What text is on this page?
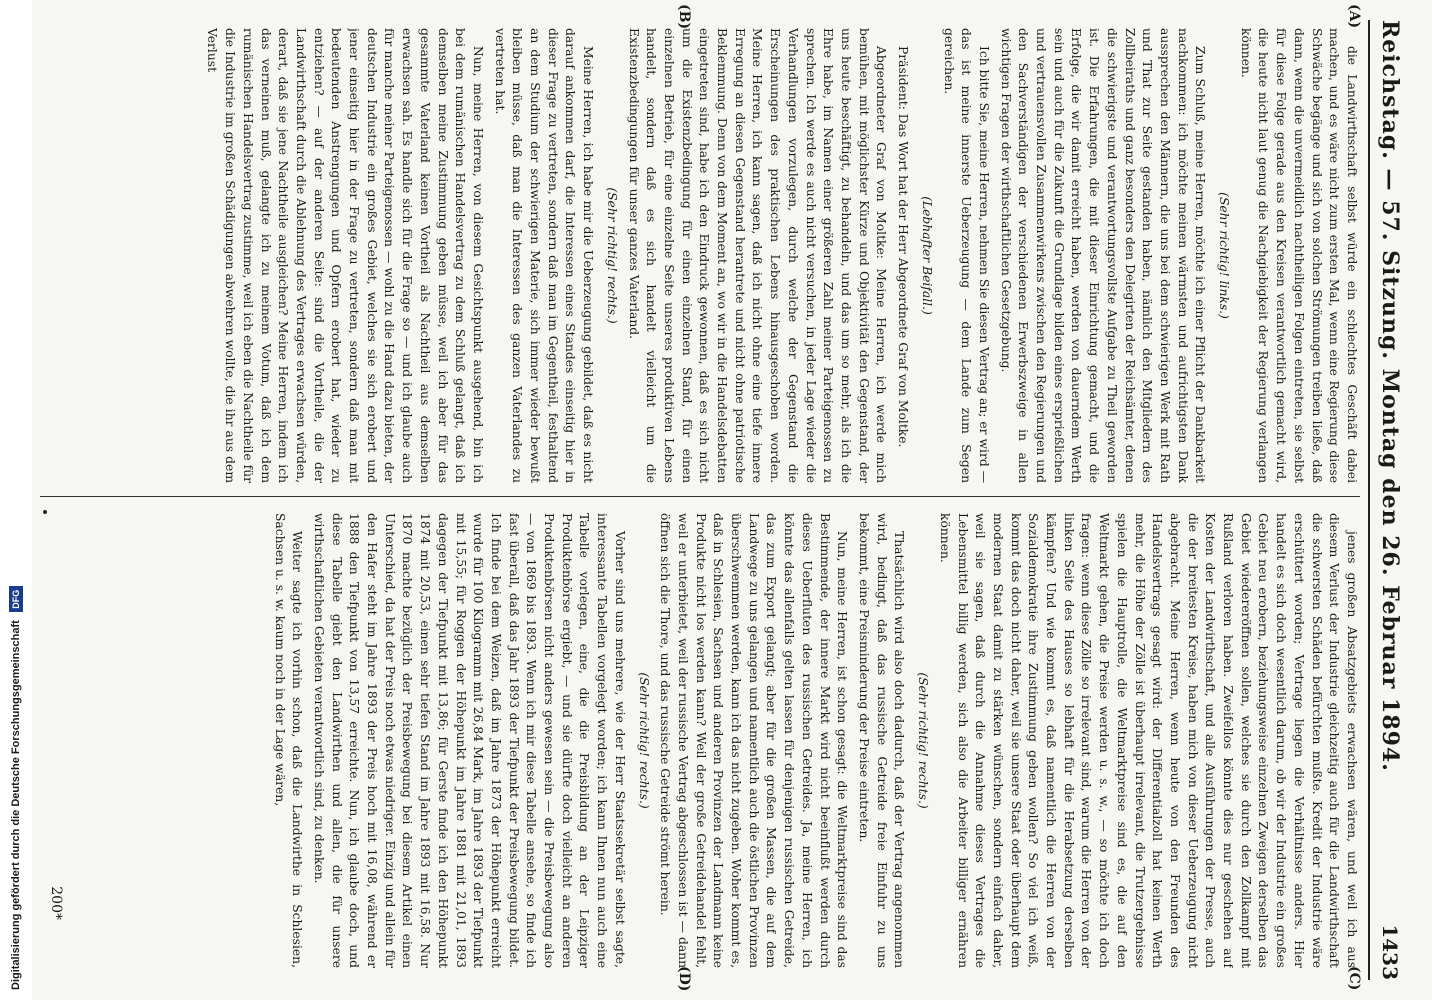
Reichstag. — 57. Sitzung. Montag den 26. Februar 1894.
1433
(A)
(B)
(C)
(D)

die Landwirthschaft selbst würde ein schlechtes Geschäft dabei machen, und es wäre nicht zum ersten Mal, wenn eine Regierung diese Schwäche begänge und sich von solchen Strömungen treiben ließe, daß dann, wenn die unvermeidlich nachtheiligen Folgen eintreten, sie selbst für diese Folge gerade aus den Kreisen verantwortlich gemacht wird, die heute nicht laut genug die Nachgiebigkeit der Regierung verlangen können.

(Sehr richtig! links.)

Zum Schluß, meine Herren, möchte ich einer Pflicht der Dankbarkeit nachkommen: ich möchte meinen wärmsten und aufrichtigsten Dank aussprechen den Männern, die uns bei dem schwierigen Werk mit Rath und That zur Seite gestanden haben, nämlich den Mitgliedern des Zollbeiraths und ganz besonders den Delegirten der Reichsämter, denen die schwierigste und verantwortungsvollste Aufgabe zu Theil geworden ist. Die Erfahrungen, die mit dieser Einrichtung gemacht, und die Erfolge, die wir damit erreicht haben, werden von dauerndem Werth sein und auch für die Zukunft die Grundlage bilden eines ersprießlichen und vertrauensvollen Zusammenwirkens zwischen den Regierungen und den Sachverständigen der verschiedenen Erwerbszweige in allen wichtigen Fragen der wirthschaftlichen Gesetzgebung.

Ich bitte Sie, meine Herren, nehmen Sie diesen Vertrag an; er wird — das ist meine innerste Ueberzeugung — dem Lande zum Segen gereichen.

(Lebhafter Beifall.)

Präsident: Das Wort hat der Herr Abgeordnete Graf von Moltke.

Abgeordneter Graf von Moltke: Meine Herren, ich werde mich bemühen, mit möglichster Kürze und Objektivität den Gegenstand, der uns heute beschäftigt, zu behandeln, und das um so mehr, als ich die Ehre habe, im Namen einer größeren Zahl meiner Parteigenossen zu sprechen. Ich werde es auch nicht versuchen, in jeder Lage wieder die Verhandlungen vorzulegen, durch welche der Gegenstand die Erscheinungen des praktischen Lebens hinausgeschoben worden. Meine Herren, ich kann sagen, daß ich nicht ohne eine tiefe innere Erregung an diesen Gegenstand herantrete und nicht ohne patriotische Beklemmung. Denn von dem Moment an, wo wir in die Handelsdebatten eingetreten sind, habe ich den Eindruck gewonnen, daß es sich nicht um die Existenzbedingung für einen einzelnen Stand, für einen einzelnen Betrieb, für eine einzelne Seite unseres produktiven Lebens handelt, sondern daß es sich handelt vielleicht um die Existenzbedingungen für unser ganzes Vaterland.

(Sehr richtig! rechts.)

Meine Herren, ich habe mir die Ueberzeugung gebildet, daß es nicht darauf ankommen darf, die Interessen eines Standes einseitig hier in dieser Frage zu vertreten, sondern daß man im Gegentheil, festhaltend an dem Studium der schwierigen Materie, sich immer wieder bewußt bleiben müsse, daß man die Interessen des ganzen Vaterlandes zu vertreten hat.

Nun, meine Herren, von diesem Gesichtspunkt ausgehend, bin ich bei dem rumänischen Handelsvertrag zu dem Schluß gelangt, daß ich demselben meine Zustimmung geben müsse, weil ich aber für das gesammte Vaterland keinen Vortheil als Nachtheil aus demselben erwachsen sah. Es handle sich für die Frage so — und ich glaube auch für manche meiner Parteigenossen — wohl zu die Hand dazu bieten, der deutschen Industrie ein großes Gebiet, welches sie sich erobert und jener einseitig hier in der Frage zu vertreten, sondern daß man mit bedeutenden Anstrengungen und Opfern erobert hat, wieder zu entziehen? — auf der anderen Seite: sind die Vortheile, die der Landwirthschaft durch die Ablehnung des Vertrages erwachsen würden, derart, daß sie jene Nachtheile ausgleichen? Meine Herren, indem ich das verneinen muß, gelangte ich zu meinem Votum, daß ich dem rumänischen Handelsvertrag zustimme, weil ich eben die Nachtheile für die Industrie im großen Schädigungen abwehren wollte, die ihr aus dem Verlust

jenes großen Absatzgebiets erwachsen wären, und weil ich aus diesem Verlust der Industrie gleichzeitig auch für die Landwirthschaft die schwersten Schäden befürchten mußte. Kredit der Industrie wäre erschüttert worden; Vertrage liegen die Verhältnisse anders. Hier handelt es sich doch wesentlich darum, ob wir der Industrie ein großes Gebiet neu erobern, beziehungsweise einzelnen Zweigen derselben das Gebiet wiedereröffnen sollen, welches sie durch den Zollkampf mit Rußland verloren haben. Zweifellos könnte dies nur geschehen auf Kosten der Landwirthschaft, und alle Ausführungen der Presse, auch die der breitesten Kreise, haben mich von dieser Ueberzeugung nicht abgebracht. Meine Herren, wenn heute von den Freunden des Handelsvertrags gesagt wird: der Differentialzoll hat keinen Werth mehr, die Höhe der Zölle ist überhaupt irrelevant, die Trutzergebnisse spielen die Hauptrolle, die Weltmarktpreise sind es, die auf den Weltmarkt gehen, die Preise werden u. s. w., — so möchte ich doch fragen: wenn diese Zölle so irrelevant sind, warum die Herren von der linken Seite des Hauses so lebhaft für die Herabsetzung derselben kämpfen? Und wie kommt es, daß namentlich die Herren von der Sozialdemokratie ihre Zustimmung geben wollen? So viel ich weiß, kommt das doch nicht daher, weil sie unsere Staat oder überhaupt dem modernen Staat damit zu stärken wünschen, sondern einfach daher, weil sie sagen, daß durch die Annahme dieses Vertrages die Lebensmittel billig werden, sich also die Arbeiter billiger ernähren können.

(Sehr richtig! rechts.)

Thatsächlich wird also doch dadurch, daß der Vertrag angenommen wird, bedingt, daß das russische Getreide freie Einfuhr zu uns bekommt, eine Preisminderung der Preise eintreten.

Nun, meine Herren, ist schon gesagt: die Weltmarktpreise sind das Bestimmende, der innere Markt wird nicht beeinflußt werden durch dieses Ueberfluten des russischen Getreides. Ja, meine Herren, ich könnte das allenfalls gelten lassen für denjenigen russischen Getreide, das zum Export gelangt; aber für die großen Massen, die auf dem Landwege zu uns gelangen und namentlich auch die östlichen Provinzen überschwemmen werden, kann ich das nicht zugeben. Woher kommt es, daß in Schlesien, Sachsen und anderen Provinzen der Landmann keine Produkte nicht los werden kann? Weil der große Getreidehandel fehlt, weil er unterbietet, weil der russische Vertrag abgeschlossen ist — dann öffnen sich die Thore, und das russische Getreide strömt herein.

(Sehr richtig! rechts.)

Vorher sind uns mehrere, wie der Herr Staatssekretär selbst sagte, interessante Tabellen vorgelegt worden; ich kann Ihnen nun auch eine Tabelle vorlegen, eine, die die Preisbildung an der Leipziger Produktenbörse ergiebt, — und sie dürfte doch vielleicht an anderen Produktenbörsen nicht anders gewesen sein — die Preisbewegung also — von 1869 bis 1893. Wenn ich mir diese Tabelle ansehe, so finde ich fast überall, daß das Jahr 1893 der Tiefpunkt der Preisbewegung bildet. Ich finde bei dem Weizen, daß im Jahre 1873 der Höhepunkt erreicht wurde für 100 Kilogramm mit 26,84 Mark, im Jahre 1893 der Tiefpunkt mit 15,55; für Roggen der Höhepunkt im Jahre 1881 mit 21,01, 1893 dagegen der Tiefpunkt mit 13,86; für Gerste finde ich den Höhepunkt 1874 mit 20,53, einen sehr tiefen Stand im Jahre 1893 mit 16,58. Nur 1870 machte bezüglich der Preisbewegung bei diesem Artikel einen Unterschied, da hat der Preis noch etwas niedriger. Einzig und allein für den Hafer steht im Jahre 1893 der Preis hoch mit 16,08, während er 1888 den Tiefpunkt von 13,57 erreichte. Nun, ich glaube doch, und diese Tabelle giebt den Landwirthen und allen, die für unsere wirthschaftlichen Gebieten verantwortlich sind, zu denken.

Weiter sagte ich vorhin schon, daß die Landwirthe in Schlesien, Sachsen u. s. w. kaum noch in der Lage wären,

200*
Digitalisierung gefördert durch die Deutsche Forschungsgemeinschaft
DFG
